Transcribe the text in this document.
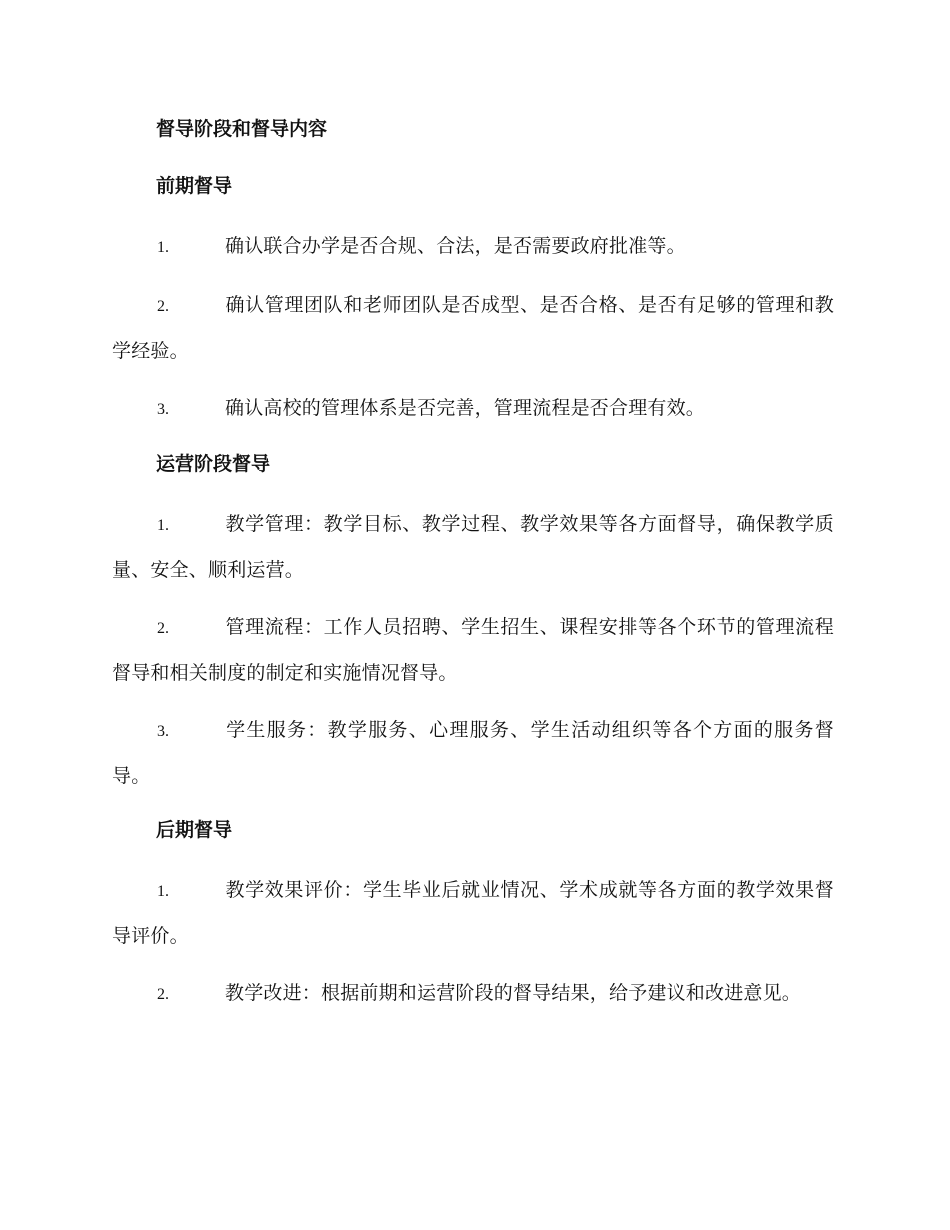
督导阶段和督导内容
前期督导
1.	确认联合办学是否合规、合法，是否需要政府批准等。
2.	确认管理团队和老师团队是否成型、是否合格、是否有足够的管理和教学经验。
3.	确认高校的管理体系是否完善，管理流程是否合理有效。
运营阶段督导
1.	教学管理：教学目标、教学过程、教学效果等各方面督导，确保教学质量、安全、顺利运营。
2.	管理流程：工作人员招聘、学生招生、课程安排等各个环节的管理流程督导和相关制度的制定和实施情况督导。
3.	学生服务：教学服务、心理服务、学生活动组织等各个方面的服务督导。
后期督导
1.	教学效果评价：学生毕业后就业情况、学术成就等各方面的教学效果督导评价。
2.	教学改进：根据前期和运营阶段的督导结果，给予建议和改进意见。
